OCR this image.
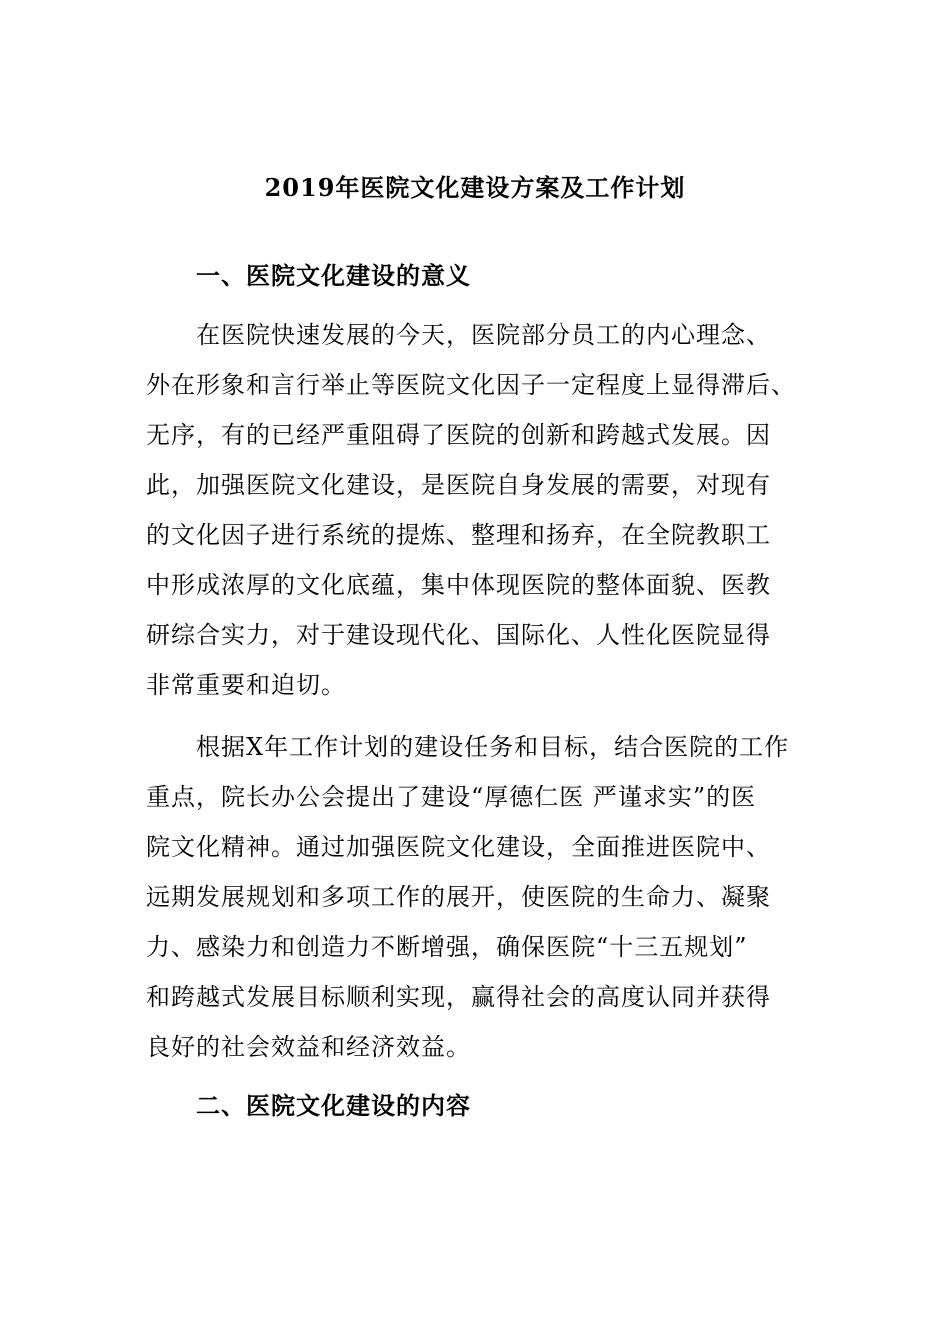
2019年医院文化建设方案及工作计划
一、医院文化建设的意义
在医院快速发展的今天，医院部分员工的内心理念、
外在形象和言行举止等医院文化因子一定程度上显得滞后、
无序，有的已经严重阻碍了医院的创新和跨越式发展。因
此，加强医院文化建设，是医院自身发展的需要，对现有
的文化因子进行系统的提炼、整理和扬弃，在全院教职工
中形成浓厚的文化底蕴，集中体现医院的整体面貌、医教
研综合实力，对于建设现代化、国际化、人性化医院显得
非常重要和迫切。
根据X年工作计划的建设任务和目标，结合医院的工作
重点，院长办公会提出了建设“厚德仁医 严谨求实”的医
院文化精神。通过加强医院文化建设，全面推进医院中、
远期发展规划和多项工作的展开，使医院的生命力、凝聚
力、感染力和创造力不断增强，确保医院“十三五规划”
和跨越式发展目标顺利实现，赢得社会的高度认同并获得
良好的社会效益和经济效益。
二、医院文化建设的内容
